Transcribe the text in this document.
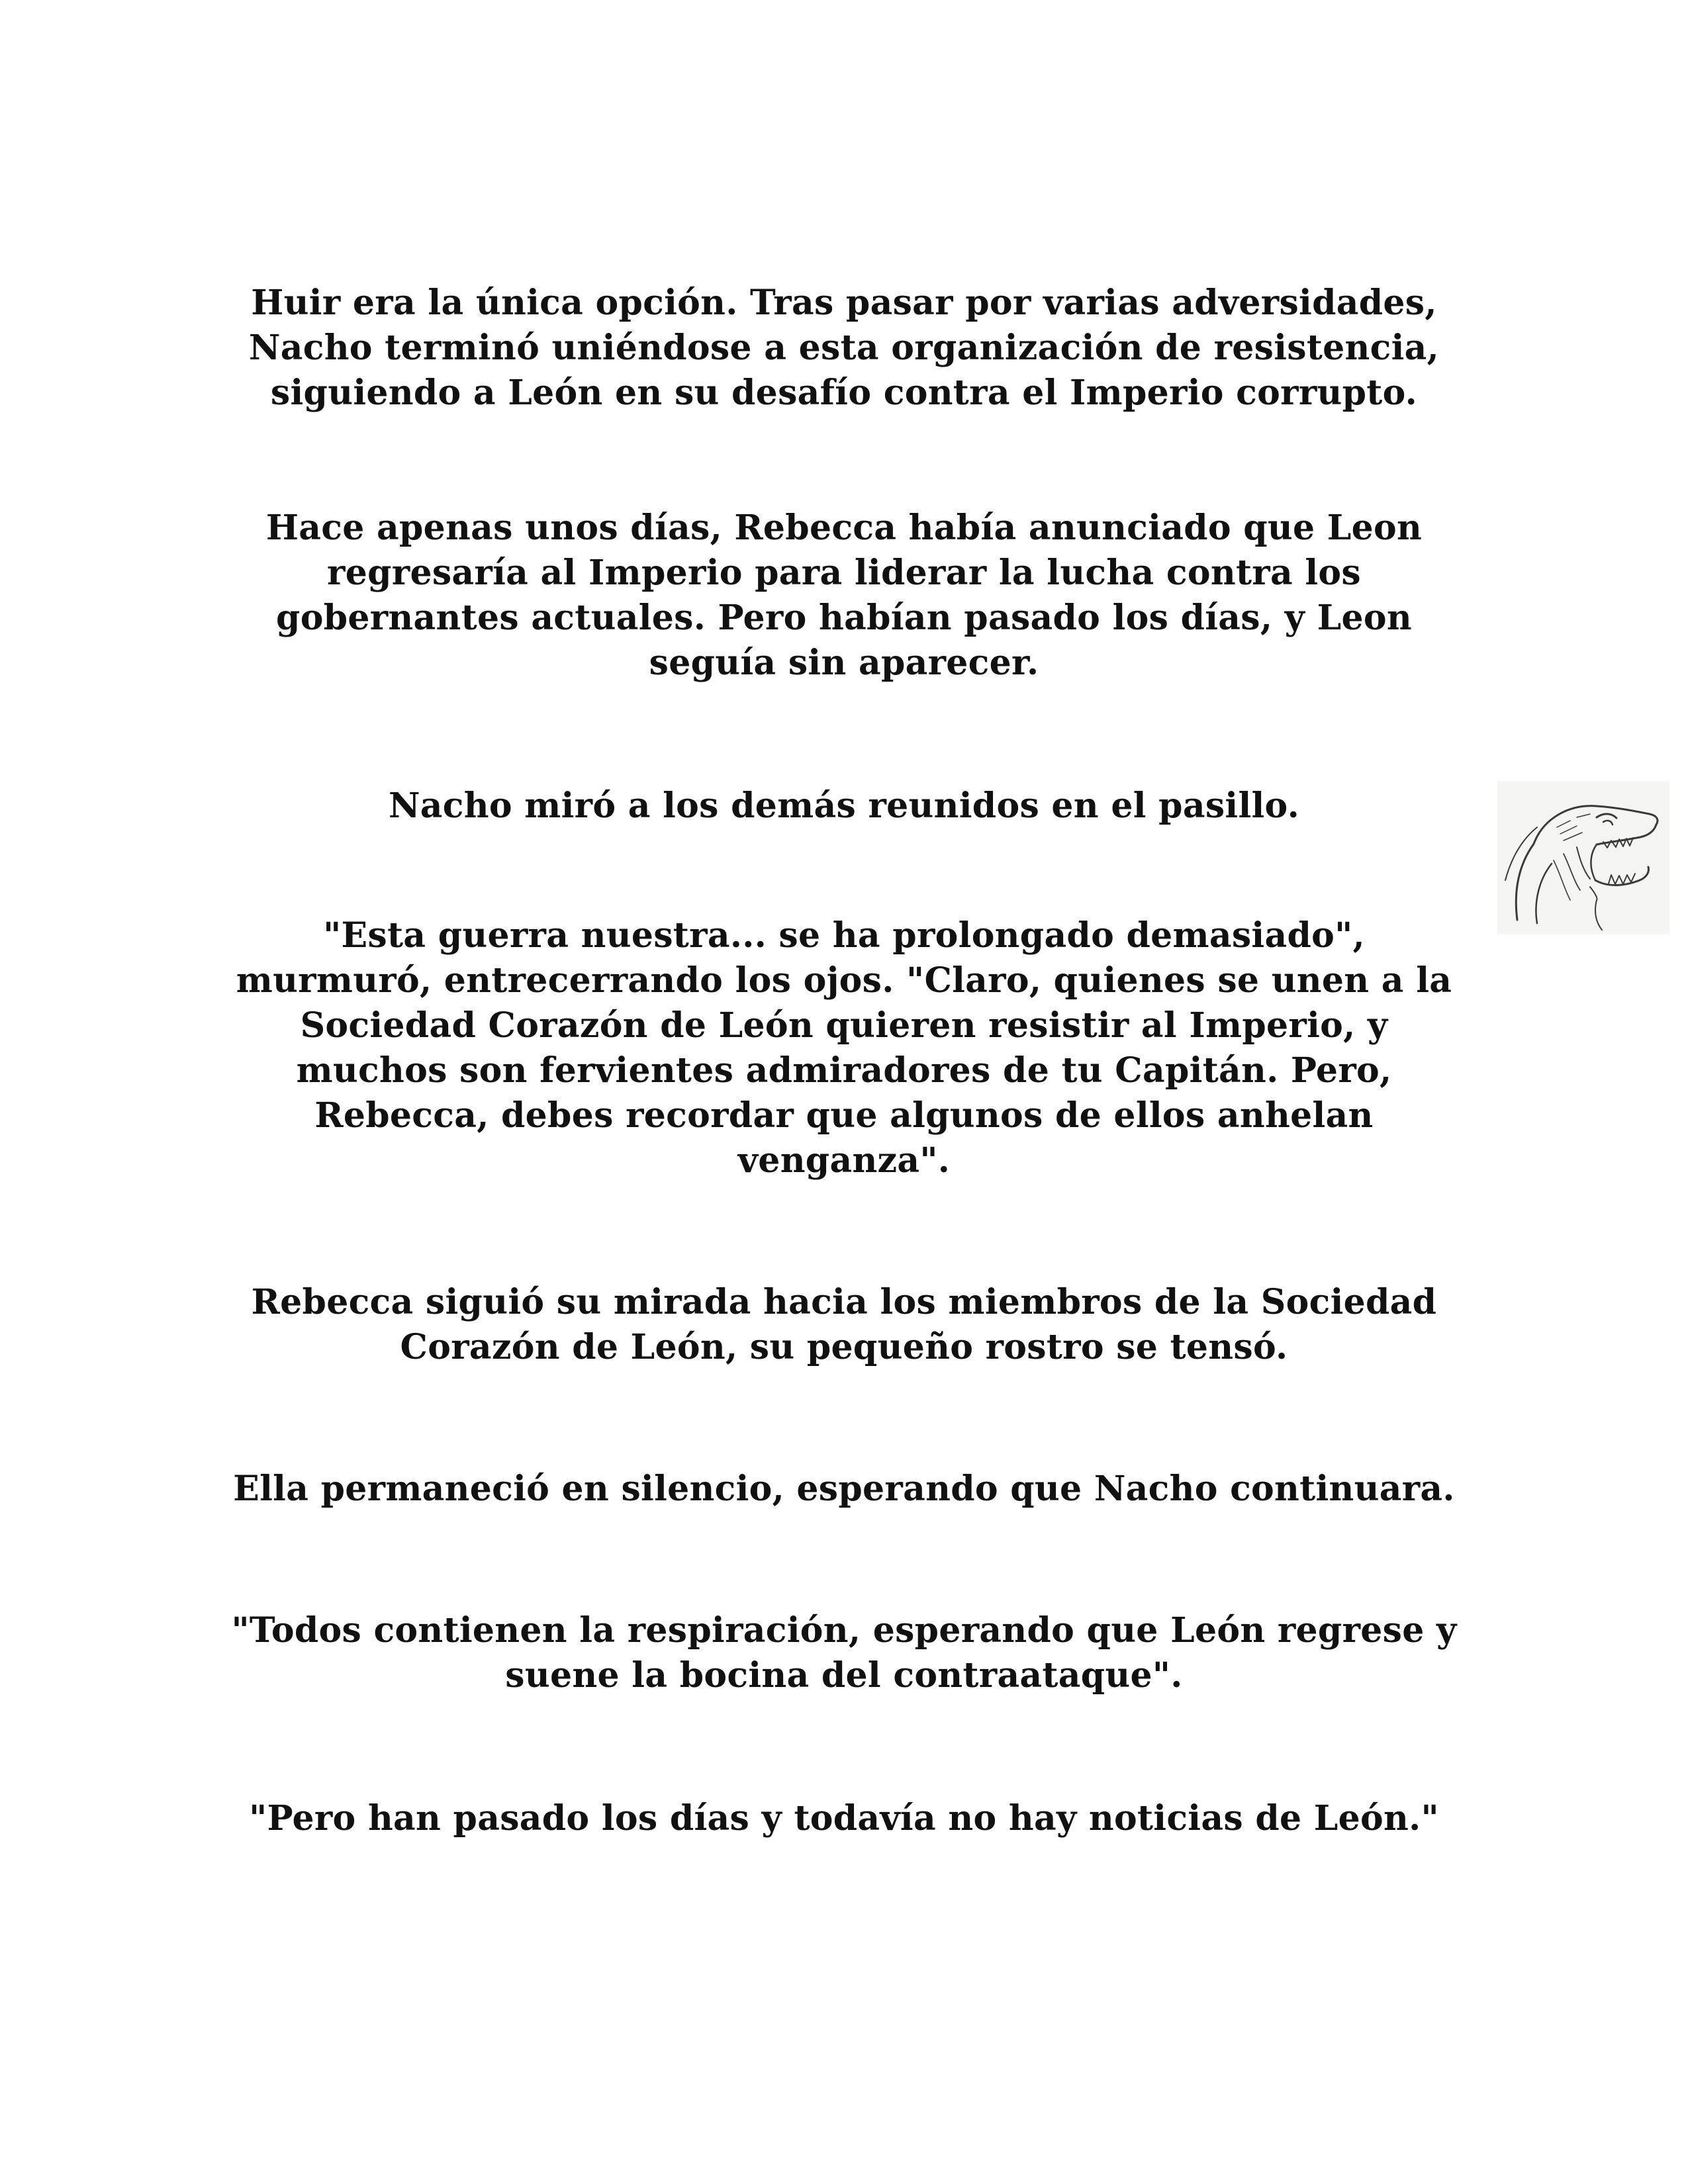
Huir era la única opción. Tras pasar por varias adversidades,
Nacho terminó uniéndose a esta organización de resistencia,
siguiendo a León en su desafío contra el Imperio corrupto.

Hace apenas unos días, Rebecca había anunciado que Leon
regresaría al Imperio para liderar la lucha contra los
gobernantes actuales. Pero habían pasado los días, y Leon
seguía sin aparecer.

Nacho miró a los demás reunidos en el pasillo.

"Esta guerra nuestra... se ha prolongado demasiado",
murmuró, entrecerrando los ojos. "Claro, quienes se unen a la
Sociedad Corazón de León quieren resistir al Imperio, y
muchos son fervientes admiradores de tu Capitán. Pero,
Rebecca, debes recordar que algunos de ellos anhelan
venganza".

Rebecca siguió su mirada hacia los miembros de la Sociedad
Corazón de León, su pequeño rostro se tensó.

Ella permaneció en silencio, esperando que Nacho continuara.

"Todos contienen la respiración, esperando que León regrese y
suene la bocina del contraataque".

"Pero han pasado los días y todavía no hay noticias de León."
